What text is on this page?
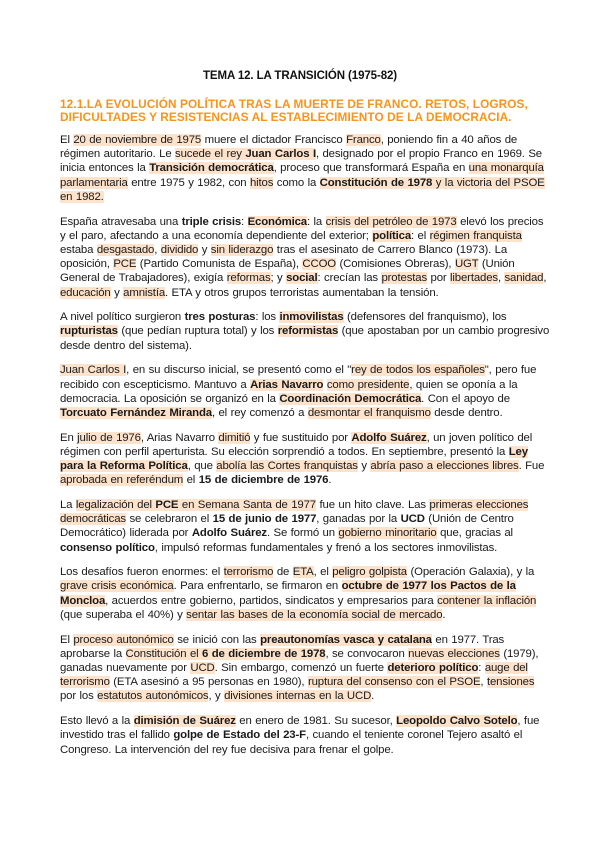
TEMA 12. LA TRANSICIÓN (1975-82)
12.1.LA EVOLUCIÓN POLÍTICA TRAS LA MUERTE DE FRANCO. RETOS, LOGROS, DIFICULTADES Y RESISTENCIAS AL ESTABLECIMIENTO DE LA DEMOCRACIA.

El 20 de noviembre de 1975 muere el dictador Francisco Franco, poniendo fin a 40 años de régimen autoritario. Le sucede el rey Juan Carlos I, designado por el propio Franco en 1969. Se inicia entonces la Transición democrática, proceso que transformará España en una monarquía parlamentaria entre 1975 y 1982, con hitos como la Constitución de 1978 y la victoria del PSOE en 1982.

España atravesaba una triple crisis: Económica: la crisis del petróleo de 1973 elevó los precios y el paro, afectando a una economía dependiente del exterior; política: el régimen franquista estaba desgastado, dividido y sin liderazgo tras el asesinato de Carrero Blanco (1973). La oposición, PCE (Partido Comunista de España), CCOO (Comisiones Obreras), UGT (Unión General de Trabajadores), exigía reformas; y social: crecían las protestas por libertades, sanidad, educación y amnistía. ETA y otros grupos terroristas aumentaban la tensión.

A nivel político surgieron tres posturas: los inmovilistas (defensores del franquismo), los rupturistas (que pedían ruptura total) y los reformistas (que apostaban por un cambio progresivo desde dentro del sistema).

Juan Carlos I, en su discurso inicial, se presentó como el "rey de todos los españoles", pero fue recibido con escepticismo. Mantuvo a Arias Navarro como presidente, quien se oponía a la democracia. La oposición se organizó en la Coordinación Democrática. Con el apoyo de Torcuato Fernández Miranda, el rey comenzó a desmontar el franquismo desde dentro.

En julio de 1976, Arias Navarro dimitió y fue sustituido por Adolfo Suárez, un joven político del régimen con perfil aperturista. Su elección sorprendió a todos. En septiembre, presentó la Ley para la Reforma Política, que abolía las Cortes franquistas y abría paso a elecciones libres. Fue aprobada en referéndum el 15 de diciembre de 1976.

La legalización del PCE en Semana Santa de 1977 fue un hito clave. Las primeras elecciones democráticas se celebraron el 15 de junio de 1977, ganadas por la UCD (Unión de Centro Democrático) liderada por Adolfo Suárez. Se formó un gobierno minoritario que, gracias al consenso político, impulsó reformas fundamentales y frenó a los sectores inmovilistas.

Los desafíos fueron enormes: el terrorismo de ETA, el peligro golpista (Operación Galaxia), y la grave crisis económica. Para enfrentarlo, se firmaron en octubre de 1977 los Pactos de la Moncloa, acuerdos entre gobierno, partidos, sindicatos y empresarios para contener la inflación (que superaba el 40%) y sentar las bases de la economía social de mercado.

El proceso autonómico se inició con las preautonomías vasca y catalana en 1977. Tras aprobarse la Constitución el 6 de diciembre de 1978, se convocaron nuevas elecciones (1979), ganadas nuevamente por UCD. Sin embargo, comenzó un fuerte deterioro político: auge del terrorismo (ETA asesinó a 95 personas en 1980), ruptura del consenso con el PSOE, tensiones por los estatutos autonómicos, y divisiones internas en la UCD.

Esto llevó a la dimisión de Suárez en enero de 1981. Su sucesor, Leopoldo Calvo Sotelo, fue investido tras el fallido golpe de Estado del 23-F, cuando el teniente coronel Tejero asaltó el Congreso. La intervención del rey fue decisiva para frenar el golpe.
